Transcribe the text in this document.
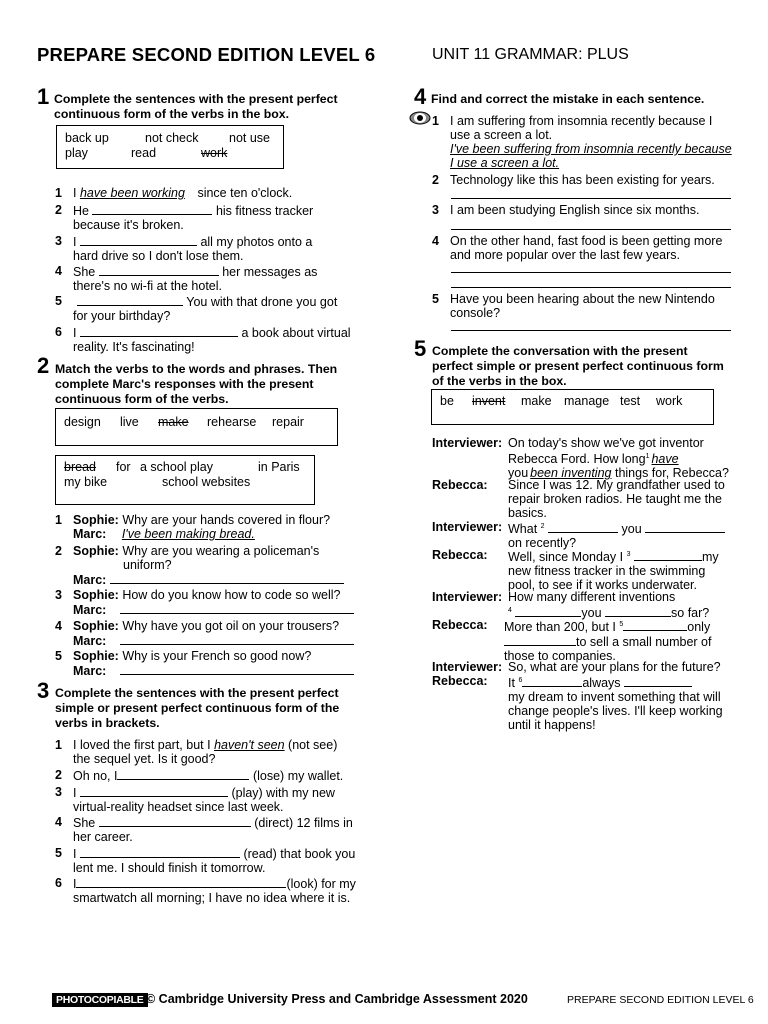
PREPARE SECOND EDITION LEVEL 6	UNIT 11 GRAMMAR: PLUS
1 Complete the sentences with the present perfect
continuous form of the verbs in the box.
back up	not check not use
play	read	work
1 I have been working since ten o'clock.
2 He	his fitness tracker
because it's broken.
3 I	all my photos onto a
hard drive so I don't lose them.
4 She	her messages as
there's no wi-fi at the hotel.
5	You with that drone you got
for your birthday?
6 I	a book about virtual
reality. It's fascinating!
2 Match the verbs to the words and phrases. Then
complete Marc's responses with the present
continuous form of the verbs.
design live make rehearse repair
bread for a school play	in Paris
my bike	school websites
1 Sophie: Why are your hands covered in flour?
Marc: I've been making bread.
2 Sophie: Why are you wearing a policeman's
uniform?
Marc:
3 Sophie: How do you know how to code so well?
Marc:
4 Sophie: Why have you got oil on your trousers?
Marc:
5 Sophie: Why is your French so good now?
Marc:
3 Complete the sentences with the present perfect
simple or present perfect continuous form of the
verbs in brackets.
1 I loved the first part, but I haven't seen (not see)
the sequel yet. Is it good?
2 Oh no, I	(lose) my wallet.
3 I	(play) with my new
virtual-reality headset since last week.
4 She	(direct) 12 films in
her career.
5 I	(read) that book you
lent me. I should finish it tomorrow.
6 I	(look) for my
smartwatch all morning; I have no idea where it is.
4 Find and correct the mistake in each sentence.
1 I am suffering from insomnia recently because I
use a screen a lot.
I've been suffering from insomnia recently because
I use a screen a lot.
2 Technology like this has been existing for years.
3 I am been studying English since six months.
4 On the other hand, fast food is been getting more
and more popular over the last few years.
5 Have you been hearing about the new Nintendo
console?
5 Complete the conversation with the present
perfect simple or present perfect continuous form
of the verbs in the box.
be invent make manage test work
Interviewer: On today's show we've got inventor
Rebecca Ford. How long$^1$ have
you been inventing things for, Rebecca?
Rebecca: Since I was 12. My grandfather used to
repair broken radios. He taught me the
basics.
Interviewer: What $^2$	you
on recently?
Rebecca: Well, since Monday I $^3$	my
new fitness tracker in the swimming
pool, to see if it works underwater.
Interviewer: How many different inventions
$^4$	you	so far?
Rebecca: More than 200, but I $^5$	only
to sell a small number of
those to companies.
Interviewer: So, what are your plans for the future?
Rebecca: It $^6$	always
my dream to invent something that will
change people's lives. I'll keep working
until it happens!
PHOTOCOPIABLE © Cambridge University Press and Cambridge Assessment 2020	PREPARE SECOND EDITION LEVEL 6
